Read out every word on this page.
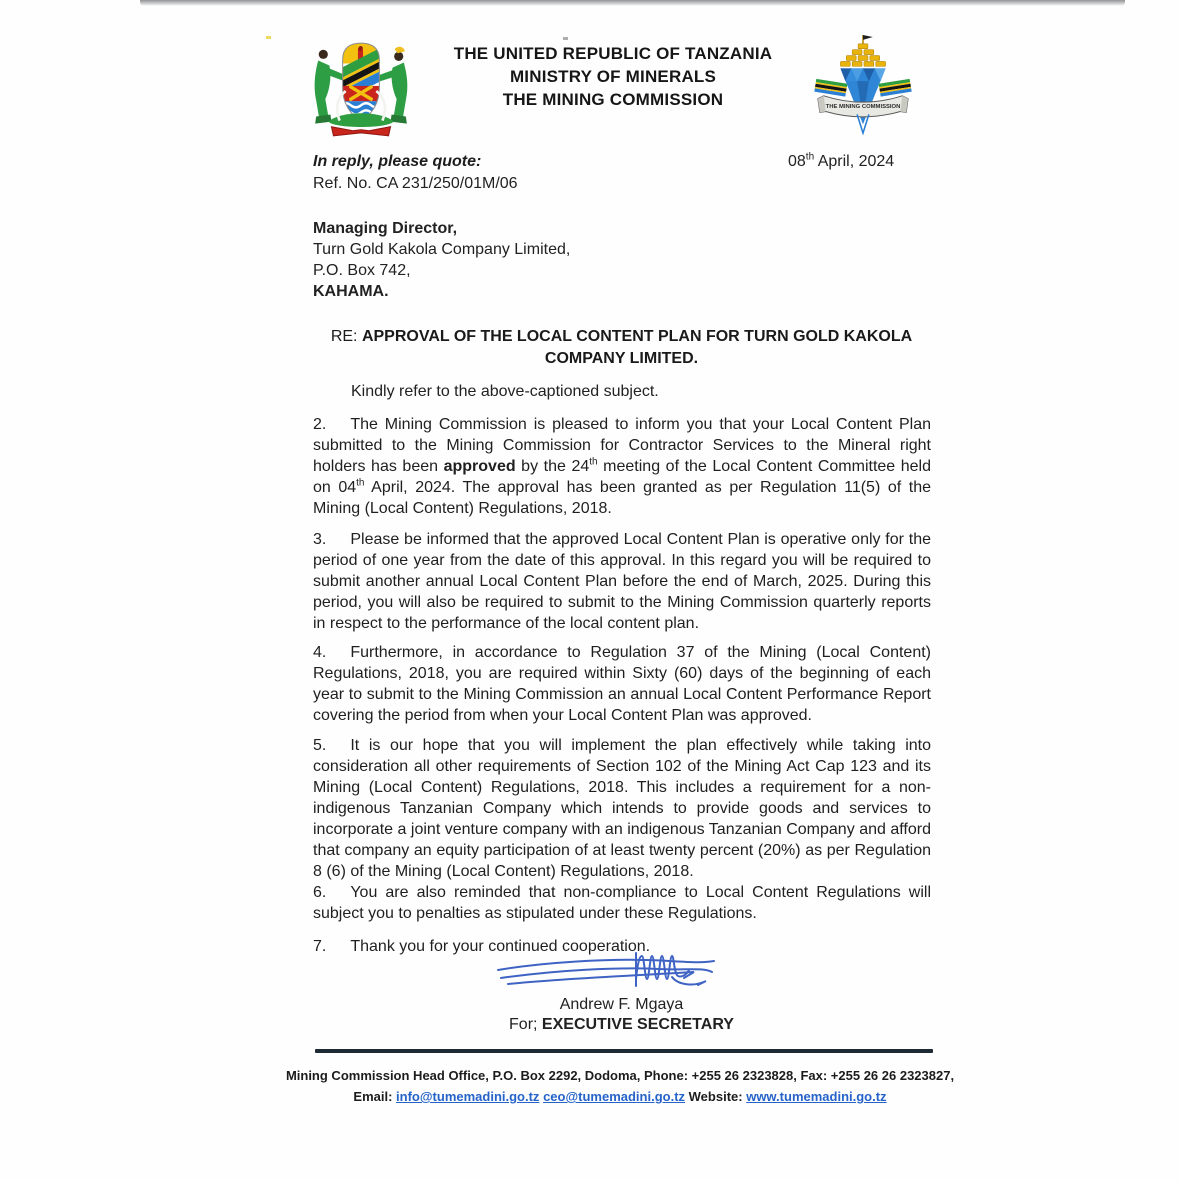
THE UNITED REPUBLIC OF TANZANIA
MINISTRY OF MINERALS
THE MINING COMMISSION	THE MINING COMMISSION
In reply, please quote:
Ref. No. CA 231/250/01M/06
08th April, 2024
Managing Director,
Turn Gold Kakola Company Limited,
P.O. Box 742,
KAHAMA.
RE: APPROVAL OF THE LOCAL CONTENT PLAN FOR TURN GOLD KAKOLA COMPANY LIMITED.
Kindly refer to the above-captioned subject.
2. The Mining Commission is pleased to inform you that your Local Content Plan submitted to the Mining Commission for Contractor Services to the Mineral right holders has been approved by the 24th meeting of the Local Content Committee held on 04th April, 2024. The approval has been granted as per Regulation 11(5) of the Mining (Local Content) Regulations, 2018.
3. Please be informed that the approved Local Content Plan is operative only for the period of one year from the date of this approval. In this regard you will be required to submit another annual Local Content Plan before the end of March, 2025. During this period, you will also be required to submit to the Mining Commission quarterly reports in respect to the performance of the local content plan.
4. Furthermore, in accordance to Regulation 37 of the Mining (Local Content) Regulations, 2018, you are required within Sixty (60) days of the beginning of each year to submit to the Mining Commission an annual Local Content Performance Report covering the period from when your Local Content Plan was approved.
5. It is our hope that you will implement the plan effectively while taking into consideration all other requirements of Section 102 of the Mining Act Cap 123 and its Mining (Local Content) Regulations, 2018. This includes a requirement for a non-indigenous Tanzanian Company which intends to provide goods and services to incorporate a joint venture company with an indigenous Tanzanian Company and afford that company an equity participation of at least twenty percent (20%) as per Regulation 8 (6) of the Mining (Local Content) Regulations, 2018.
6. You are also reminded that non-compliance to Local Content Regulations will subject you to penalties as stipulated under these Regulations.
7. Thank you for your continued cooperation.
Andrew F. Mgaya
For; EXECUTIVE SECRETARY
Mining Commission Head Office, P.O. Box 2292, Dodoma, Phone: +255 26 2323828, Fax: +255 26 26 2323827,
Email: info@tumemadini.go.tz ceo@tumemadini.go.tz Website: www.tumemadini.go.tz
